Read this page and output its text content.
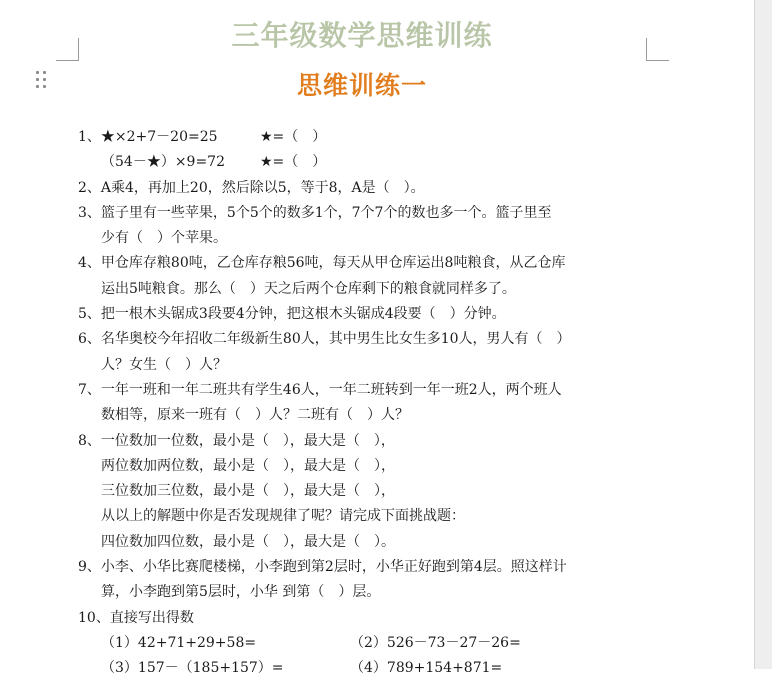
三年级数学思维训练
思维训练一
1、★×2+7－20=25	★=（　）
（54－★）×9=72	★=（　）
2、A乘4，再加上20，然后除以5，等于8，A是（　）。
3、篮子里有一些苹果，5个5个的数多1个，7个7个的数也多一个。篮子里至
少有（　）个苹果。
4、甲仓库存粮80吨，乙仓库存粮56吨，每天从甲仓库运出8吨粮食，从乙仓库
运出5吨粮食。那么（　）天之后两个仓库剩下的粮食就同样多了。
5、把一根木头锯成3段要4分钟，把这根木头锯成4段要（　）分钟。
6、名华奥校今年招收二年级新生80人，其中男生比女生多10人，男人有（　）
人？女生（　）人？
7、一年一班和一年二班共有学生46人，一年二班转到一年一班2人，两个班人
数相等，原来一班有（　）人？二班有（　）人？
8、一位数加一位数，最小是（　），最大是（　），
两位数加两位数，最小是（　），最大是（　），
三位数加三位数，最小是（　），最大是（　），
从以上的解题中你是否发现规律了呢？请完成下面挑战题：
四位数加四位数，最小是（　），最大是（　）。
9、小李、小华比赛爬楼梯，小李跑到第2层时，小华正好跑到第4层。照这样计
算，小李跑到第5层时，小华 到第（　）层。
10、直接写出得数
（1）42+71+29+58=	（2）526－73－27－26=
（3）157－（185+157）=	（4）789+154+871=
